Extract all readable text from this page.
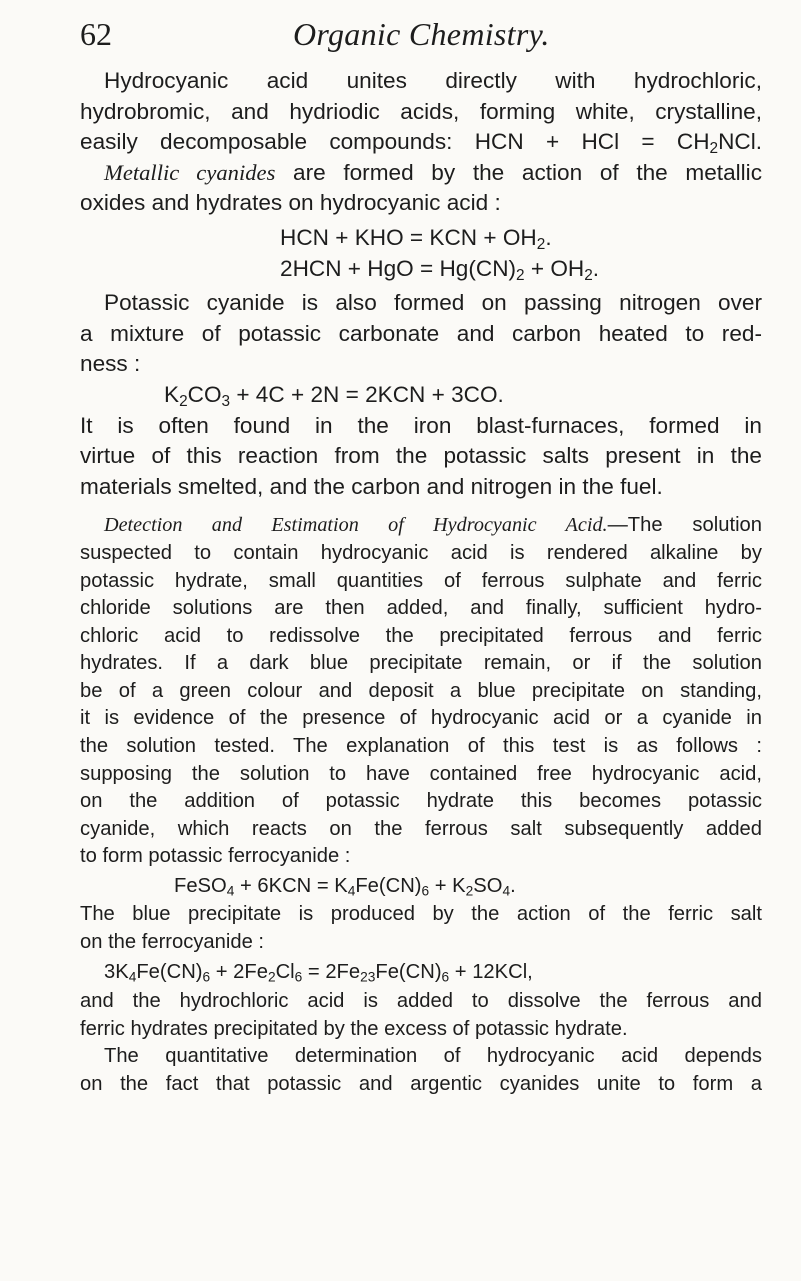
62	Organic Chemistry.
Hydrocyanic acid unites directly with hydrochloric,
hydrobromic, and hydriodic acids, forming white, crystalline,
easily decomposable compounds: HCN + HCl = $CH_2NCl$.
Metallic cyanides are formed by the action of the metallic
oxides and hydrates on hydrocyanic acid :
HCN + KHO = KCN + $OH_2$.
2HCN + HgO = $Hg(CN)_2 + OH_2$.
Potassic cyanide is also formed on passing nitrogen over
a mixture of potassic carbonate and carbon heated to red-
ness :
$K_2CO_3 + 4C + 2N = 2KCN + 3CO$.
It is often found in the iron blast-furnaces, formed in
virtue of this reaction from the potassic salts present in the
materials smelted, and the carbon and nitrogen in the fuel.
Detection and Estimation of Hydrocyanic Acid.—The solution
suspected to contain hydrocyanic acid is rendered alkaline by
potassic hydrate, small quantities of ferrous sulphate and ferric
chloride solutions are then added, and finally, sufficient hydro-
chloric acid to redissolve the precipitated ferrous and ferric
hydrates. If a dark blue precipitate remain, or if the solution
be of a green colour and deposit a blue precipitate on standing,
it is evidence of the presence of hydrocyanic acid or a cyanide in
the solution tested. The explanation of this test is as follows :
supposing the solution to have contained free hydrocyanic acid,
on the addition of potassic hydrate this becomes potassic
cyanide, which reacts on the ferrous salt subsequently added
to form potassic ferrocyanide :
FeSO$_4$ + $6KCN = K_4Fe(CN)_6 + K_2SO_4$.
The blue precipitate is produced by the action of the ferric salt
on the ferrocyanide :
$3K_4Fe(CN)_6 + 2Fe_2Cl_6 = 2Fe_{23}Fe(CN)_6 + 12KCl$,
and the hydrochloric acid is added to dissolve the ferrous and
ferric hydrates precipitated by the excess of potassic hydrate.
The quantitative determination of hydrocyanic acid depends
on the fact that potassic and argentic cyanides unite to form a
